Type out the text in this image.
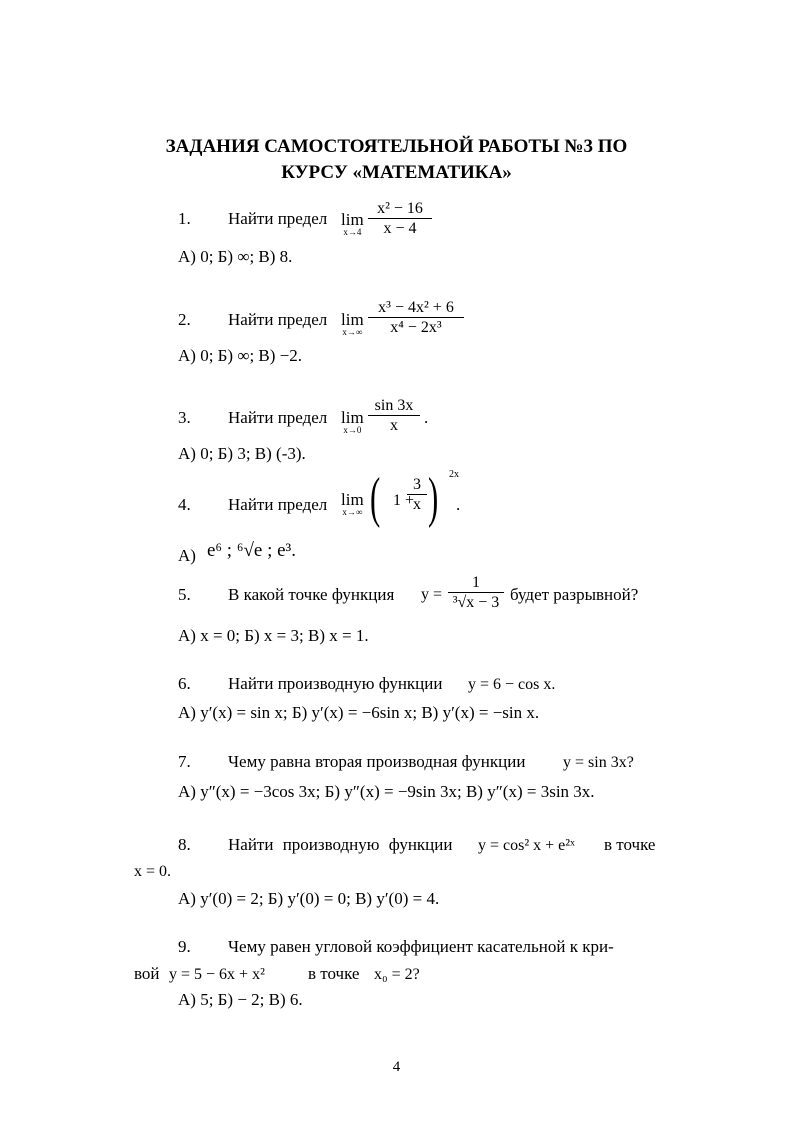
ЗАДАНИЯ САМОСТОЯТЕЛЬНОЙ РАБОТЫ №3 ПО
КУРСУ «МАТЕМАТИКА»
1. Найти предел lim
$x\to 4 \frac{\text{x² − 16}}{x - 4}$
А) 0; Б) ∞; В) 8.
2. Найти предел lim
$x\to\infty \frac{\text{x³ − 4x² + 6}}{\text{x⁴ − 2x³}}$
А) 0; Б) ∞; В) −2.
3. Найти предел lim
$x\to 0 \frac{\sin 3x}{x}$ .
А) 0; Б) 3; В) (-3).
4. Найти предел lim
x→∞ ( 1 +
$\frac{3}{x}$ ) 2x
.
А) e⁶ ; ⁶√e ; e³.
5. В какой точке функция $y = \frac{1}{\text{³√x − 3}}$ будет разрывной?
А) x = 0; Б) x = 3; В) x = 1.
6. Найти производную функции y = 6 − cos x.
А) y′(x) = sin x; Б) y′(x) = −6sin x; В) y′(x) = −sin x.
7. Чему равна вторая производная функции y = sin 3x?
А) y″(x) = −3cos 3x; Б) y″(x) = −9sin 3x; В) y″(x) = 3sin 3x.
8. Найти производную функции y = cos² x + e²ˣ в точке
x = 0.
А) y′(0) = 2; Б) y′(0) = 0; В) y′(0) = 4.
9. Чему равен угловой коэффициент касательной к кри-
вой y = 5 − 6x + x²	в точке x₀ = 2?
А) 5; Б) − 2; В) 6.
4
